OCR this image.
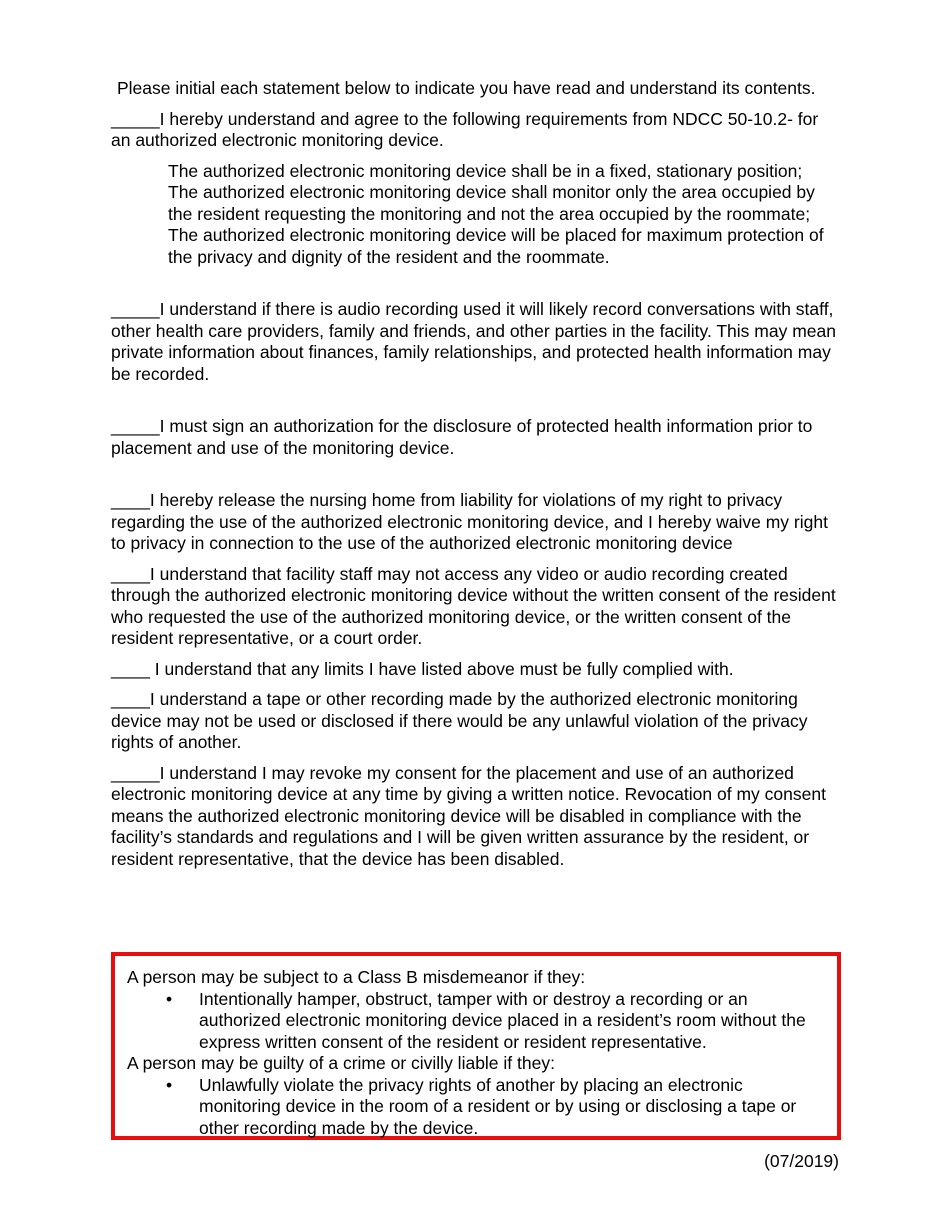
Please initial each statement below to indicate you have read and understand its contents.

_____I hereby understand and agree to the following requirements from NDCC 50-10.2- for an authorized electronic monitoring device.

The authorized electronic monitoring device shall be in a fixed, stationary position;
The authorized electronic monitoring device shall monitor only the area occupied by the resident requesting the monitoring and not the area occupied by the roommate;
The authorized electronic monitoring device will be placed for maximum protection of the privacy and dignity of the resident and the roommate.

_____I understand if there is audio recording used it will likely record conversations with staff, other health care providers, family and friends, and other parties in the facility. This may mean private information about finances, family relationships, and protected health information may be recorded.

_____I must sign an authorization for the disclosure of protected health information prior to placement and use of the monitoring device.

____I hereby release the nursing home from liability for violations of my right to privacy regarding the use of the authorized electronic monitoring device, and I hereby waive my right to privacy in connection to the use of the authorized electronic monitoring device

____I understand that facility staff may not access any video or audio recording created through the authorized electronic monitoring device without the written consent of the resident who requested the use of the authorized monitoring device, or the written consent of the resident representative, or a court order.

____ I understand that any limits I have listed above must be fully complied with.

____I understand a tape or other recording made by the authorized electronic monitoring device may not be used or disclosed if there would be any unlawful violation of the privacy rights of another.

_____I understand I may revoke my consent for the placement and use of an authorized electronic monitoring device at any time by giving a written notice. Revocation of my consent means the authorized electronic monitoring device will be disabled in compliance with the facility’s standards and regulations and I will be given written assurance by the resident, or resident representative, that the device has been disabled.

A person may be subject to a Class B misdemeanor if they:

• Intentionally hamper, obstruct, tamper with or destroy a recording or an authorized electronic monitoring device placed in a resident’s room without the express written consent of the resident or resident representative.

A person may be guilty of a crime or civilly liable if they:

• Unlawfully violate the privacy rights of another by placing an electronic monitoring device in the room of a resident or by using or disclosing a tape or other recording made by the device.
(07/2019)
